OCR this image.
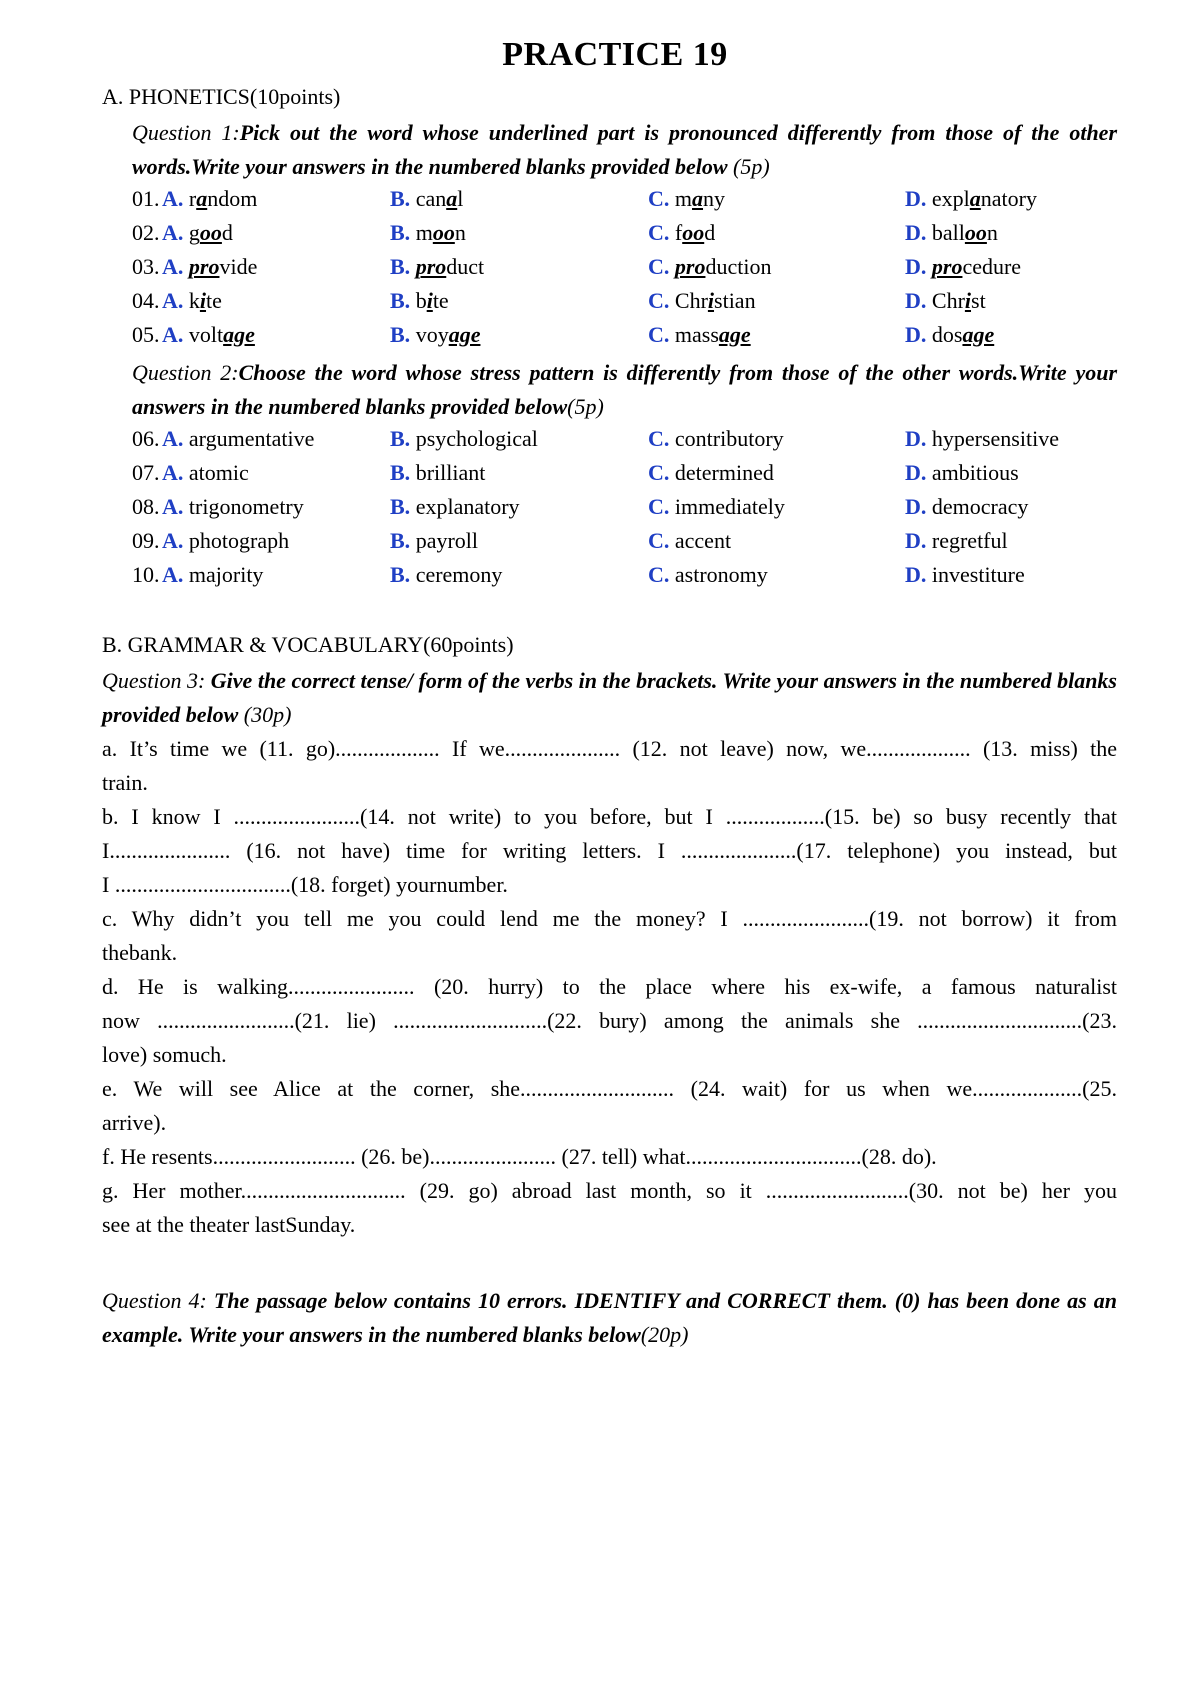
PRACTICE 19
A. PHONETICS(10points)
Question 1:Pick out the word whose underlined part is pronounced differently from those of the other words.Write your answers in the numbered blanks provided below (5p)
01. A. random	B. canal	C. many	D. explanatory
02. A. good	B. moon	C. food	D. balloon
03. A. provide	B. product	C. production	D. procedure
04. A. kite	B. bite	C. Christian	D. Christ
05. A. voltage	B. voyage	C. massage	D. dosage
Question 2:Choose the word whose stress pattern is differently from those of the other words.Write your answers in the numbered blanks provided below(5p)
06. A. argumentative	B. psychological	C. contributory	D. hypersensitive
07. A. atomic	B. brilliant	C. determined	D. ambitious
08. A. trigonometry	B. explanatory	C. immediately	D. democracy
09. A. photograph	B. payroll	C. accent	D. regretful
10. A. majority	B. ceremony	C. astronomy	D. investiture
B. GRAMMAR & VOCABULARY(60points)
Question 3: Give the correct tense/ form of the verbs in the brackets. Write your answers in the numbered blanks provided below (30p)
a. It’s time we (11. go)................... If we..................... (12. not leave) now, we................... (13. miss) the
train.
b. I know I .......................(14. not write) to you before, but I ..................(15. be) so busy recently that
I...................... (16. not have) time for writing letters. I .....................(17. telephone) you instead, but
I ................................(18. forget) yournumber.
c. Why didn’t you tell me you could lend me the money? I .......................(19. not borrow) it from
thebank.
d. He is walking....................... (20. hurry) to the place where his ex-wife, a famous naturalist
now .........................(21. lie) ............................(22. bury) among the animals she ..............................(23.
love) somuch.
e. We will see Alice at the corner, she............................ (24. wait) for us when we....................(25.
arrive).
f. He resents.......................... (26. be)....................... (27. tell) what................................(28. do).
g. Her mother.............................. (29. go) abroad last month, so it ..........................(30. not be) her you
see at the theater lastSunday.
Question 4: The passage below contains 10 errors. IDENTIFY and CORRECT them. (0) has been done as an example. Write your answers in the numbered blanks below(20p)
